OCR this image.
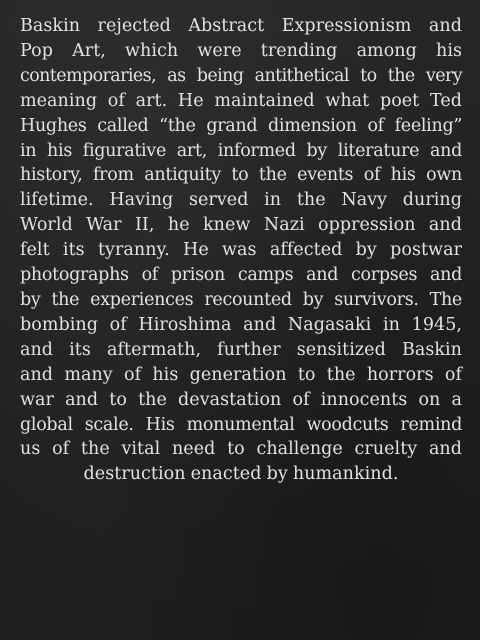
Baskin rejected Abstract Expressionism and
Pop Art, which were trending among his
contemporaries, as being antithetical to the very
meaning of art. He maintained what poet Ted
Hughes called “the grand dimension of feeling”
in his figurative art, informed by literature and
history, from antiquity to the events of his own
lifetime. Having served in the Navy during
World War II, he knew Nazi oppression and
felt its tyranny. He was affected by postwar
photographs of prison camps and corpses and
by the experiences recounted by survivors. The
bombing of Hiroshima and Nagasaki in 1945,
and its aftermath, further sensitized Baskin
and many of his generation to the horrors of
war and to the devastation of innocents on a
global scale. His monumental woodcuts remind
us of the vital need to challenge cruelty and
destruction enacted by humankind.
